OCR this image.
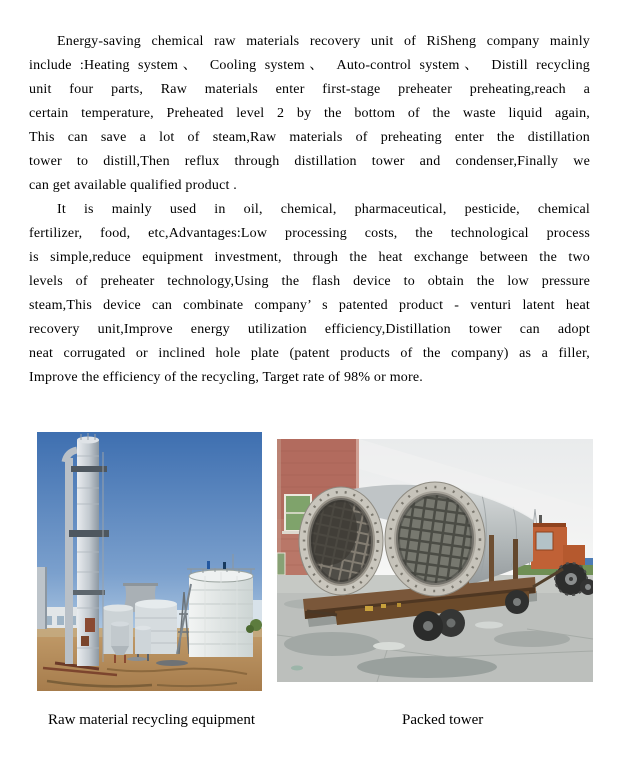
Energy-saving chemical raw materials recovery unit of RiSheng company mainly
include :Heating system、 Cooling system、 Auto-control system、 Distill recycling
unit four parts, Raw materials enter first-stage preheater preheating,reach a
certain temperature, Preheated level 2 by the bottom of the waste liquid again,
This can save a lot of steam,Raw materials of preheating enter the distillation
tower to distill,Then reflux through distillation tower and condenser,Finally we
can get available qualified product .
It is mainly used in oil, chemical, pharmaceutical, pesticide, chemical
fertilizer, food, etc,Advantages:Low processing costs, the technological process
is simple,reduce equipment investment, through the heat exchange between the two
levels of preheater technology,Using the flash device to obtain the low pressure
steam,This device can combinate company’ s patented product - venturi latent heat
recovery unit,Improve energy utilization efficiency,Distillation tower can adopt
neat corrugated or inclined hole plate (patent products of the company) as a filler,
Improve the efficiency of the recycling, Target rate of 98% or more.
Raw material recycling equipment	Packed tower
